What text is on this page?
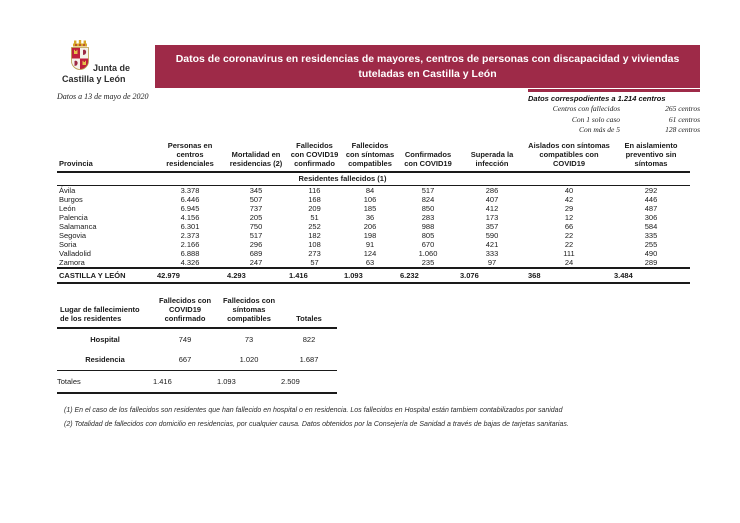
Junta de
Castilla y León
Datos a 13 de mayo de 2020
Datos de coronavirus en residencias de mayores, centros de personas con discapacidad y viviendas
tuteladas en Castilla y León
Datos correspodientes a 1.214 centros
Centros con fallecidos	265 centros
Con 1 solo caso	61 centros
Con más de 5	128 centros
Provincia	Personas en centros residenciales	Mortalidad en residencias (2)	Fallecidos con COVID19 confirmado	Fallecidos con síntomas compatibles	Confirmados con COVID19	Superada la infección	Aislados con síntomas compatibles con COVID19	En aislamiento preventivo sin síntomas
			Residentes fallecidos (1)					
Ávila	3.378	345	116	84	517	286	40	292
Burgos	6.446	507	168	106	824	407	42	446
León	6.945	737	209	185	850	412	29	487
Palencia	4.156	205	51	36	283	173	12	306
Salamanca	6.301	750	252	206	988	357	66	584
Segovia	2.373	517	182	198	805	590	22	335
Soria	2.166	296	108	91	670	421	22	255
Valladolid	6.888	689	273	124	1.060	333	111	490
Zamora	4.326	247	57	63	235	97	24	289
CASTILLA Y LEÓN	42.979	4.293	1.416	1.093	6.232	3.076	368	3.484
Lugar de fallecimiento de los residentes	Fallecidos con COVID19 confirmado	Fallecidos con síntomas compatibles	Totales
Hospital	749	73	822
Residencia	667	1.020	1.687
Totales	1.416	1.093	2.509
(1) En el caso de los fallecidos son residentes que han fallecido en hospital o en residencia. Los fallecidos en Hospital están tambiem contabilizados por sanidad
(2) Totalidad de fallecidos con domicilio en residencias, por cualquier causa. Datos obtenidos por la Consejería de Sanidad a través de bajas de tarjetas sanitarias.
